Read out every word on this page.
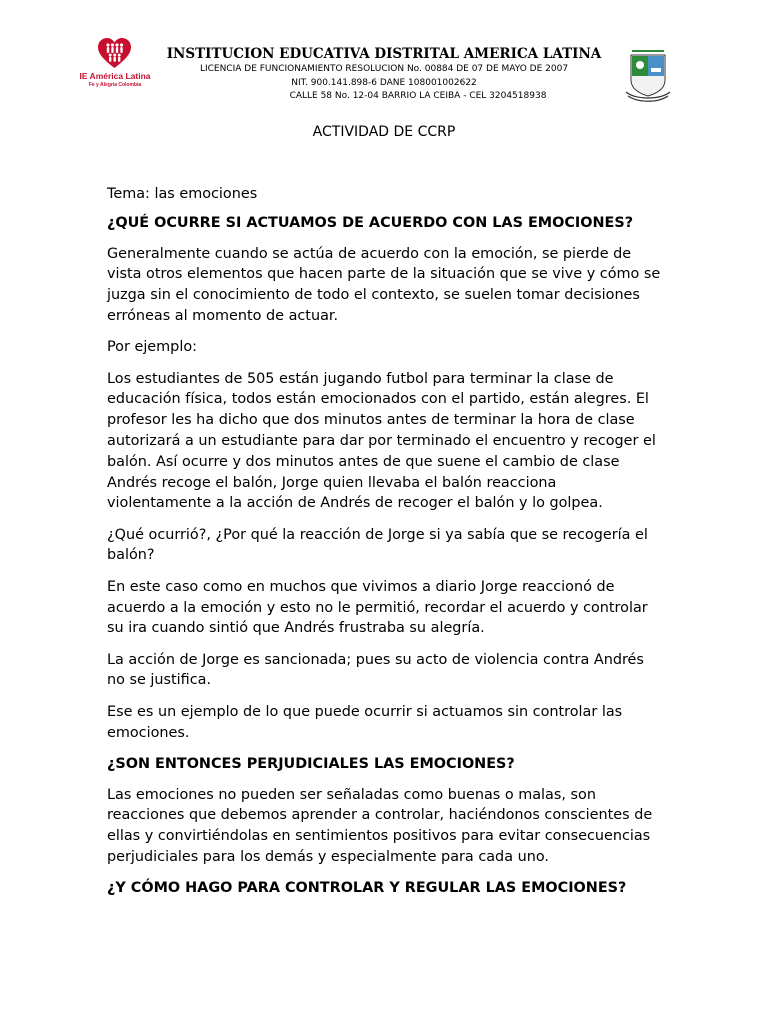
IE América Latina
Fe y Alegría Colombia
INSTITUCION EDUCATIVA DISTRITAL AMERICA LATINA
LICENCIA DE FUNCIONAMIENTO RESOLUCION No. 00884 DE 07 DE MAYO DE 2007
NIT. 900.141.898-6 DANE 108001002622
CALLE 58 No. 12-04 BARRIO LA CEIBA - CEL 3204518938
ACTIVIDAD DE CCRP

Tema: las emociones

¿QUÉ OCURRE SI ACTUAMOS DE ACUERDO CON LAS EMOCIONES?

Generalmente cuando se actúa de acuerdo con la emoción, se pierde de vista otros elementos que hacen parte de la situación que se vive y cómo se juzga sin el conocimiento de todo el contexto, se suelen tomar decisiones erróneas al momento de actuar.

Por ejemplo:

Los estudiantes de 505 están jugando futbol para terminar la clase de educación física, todos están emocionados con el partido, están alegres. El profesor les ha dicho que dos minutos antes de terminar la hora de clase autorizará a un estudiante para dar por terminado el encuentro y recoger el balón. Así ocurre y dos minutos antes de que suene el cambio de clase Andrés recoge el balón, Jorge quien llevaba el balón reacciona violentamente a la acción de Andrés de recoger el balón y lo golpea.

¿Qué ocurrió?, ¿Por qué la reacción de Jorge si ya sabía que se recogería el balón?

En este caso como en muchos que vivimos a diario Jorge reaccionó de acuerdo a la emoción y esto no le permitió, recordar el acuerdo y controlar su ira cuando sintió que Andrés frustraba su alegría.

La acción de Jorge es sancionada; pues su acto de violencia contra Andrés no se justifica.

Ese es un ejemplo de lo que puede ocurrir si actuamos sin controlar las emociones.

¿SON ENTONCES PERJUDICIALES LAS EMOCIONES?

Las emociones no pueden ser señaladas como buenas o malas, son reacciones que debemos aprender a controlar, haciéndonos conscientes de ellas y convirtiéndolas en sentimientos positivos para evitar consecuencias perjudiciales para los demás y especialmente para cada uno.

¿Y CÓMO HAGO PARA CONTROLAR Y REGULAR LAS EMOCIONES?
